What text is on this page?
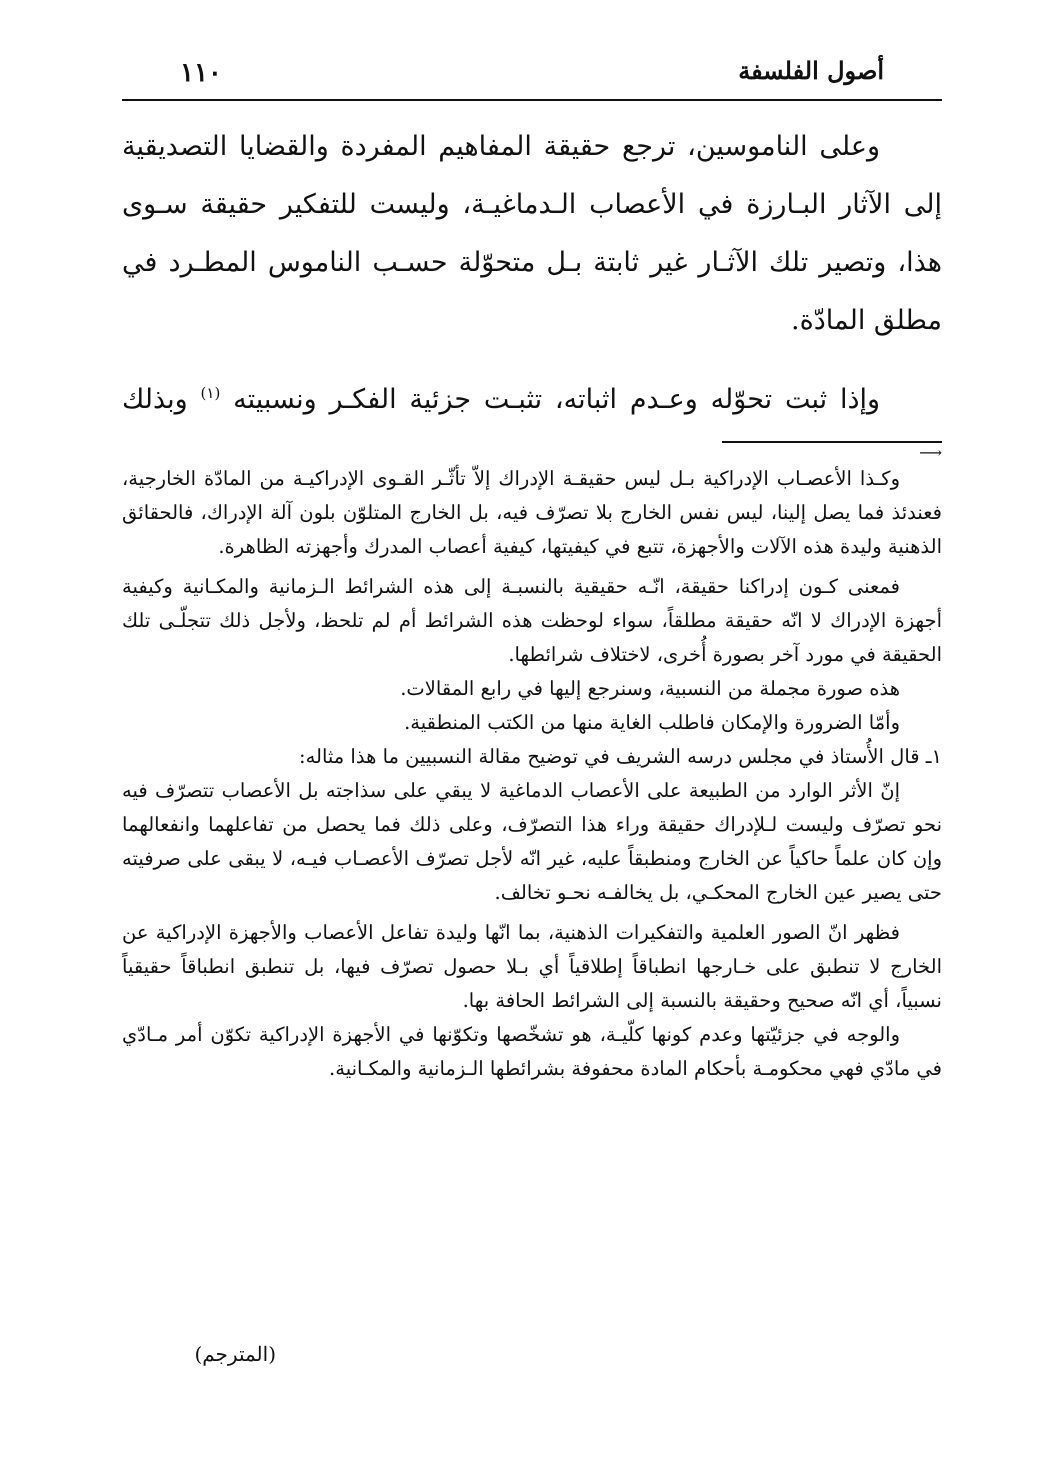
١١٠	أصول الفلسفة

وعلى الناموسين، ترجع حقيقة المفاهيم المفردة والقضايا التصديقية إلى الآثار البـارزة في الأعصاب الـدماغيـة، وليست للتفكير حقيقة سـوى هذا، وتصير تلك الآثـار غير ثابتة بـل متحوّلة حسـب الناموس المطـرد في مطلق المادّة.

وإذا ثبت تحوّله وعـدم اثباته، تثبـت جزئية الفكـر ونسبيته $^{(١)}$ وبذلك

⟶

وكـذا الأعصـاب الإدراكية بـل ليس حقيقـة الإدراك إلاّ تأثّـر القـوى الإدراكيـة من المادّة الخارجية، فعندئذ فما يصل إلينا، ليس نفس الخارج بلا تصرّف فيه، بل الخارج المتلوّن بلون آلة الإدراك، فالحقائق الذهنية وليدة هذه الآلات والأجهزة، تتبع في كيفيتها، كيفية أعصاب المدرك وأجهزته الظاهرة.

فمعنى كـون إدراكنا حقيقة، انّـه حقيقية بالنسبـة إلى هذه الشرائط الـزمانية والمكـانية وكيفية أجهزة الإدراك لا انّه حقيقة مطلقاً، سواء لوحظت هذه الشرائط أم لم تلحظ، ولأجل ذلك تتجلّـى تلك الحقيقة في مورد آخر بصورة أُخرى، لاختلاف شرائطها.

هذه صورة مجملة من النسبية، وسنرجع إليها في رابع المقالات.

وأمّا الضرورة والإمكان فاطلب الغاية منها من الكتب المنطقية.

١ـ قال الأُستاذ في مجلس درسه الشريف في توضيح مقالة النسبيين ما هذا مثاله:

إنّ الأثر الوارد من الطبيعة على الأعصاب الدماغية لا يبقي على سذاجته بل الأعصاب تتصرّف فيه نحو تصرّف وليست لـلإدراك حقيقة وراء هذا التصرّف، وعلى ذلك فما يحصل من تفاعلهما وانفعالهما وإن كان علماً حاكياً عن الخارج ومنطبقاً عليه، غير انّه لأجل تصرّف الأعصـاب فيـه، لا يبقى على صرفيته حتى يصير عين الخارج المحكـي، بل يخالفـه نحـو تخالف.

فظهر انّ الصور العلمية والتفكيرات الذهنية، بما انّها وليدة تفاعل الأعصاب والأجهزة الإدراكية عن الخارج لا تنطبق على خـارجها انطباقاً إطلاقياً أي بـلا حصول تصرّف فيها، بل تنطبق انطباقاً حقيقياً نسبياً، أي انّه صحيح وحقيقة بالنسبة إلى الشرائط الحافة بها.

والوجه في جزئيّتها وعدم كونها كلّيـة، هو تشخّصها وتكوّنها في الأجهزة الإدراكية تكوّن أمر مـادّي في مادّي فهي محكومـة بأحكام المادة محفوفة بشرائطها الـزمانية والمكـانية.

(المترجم)
